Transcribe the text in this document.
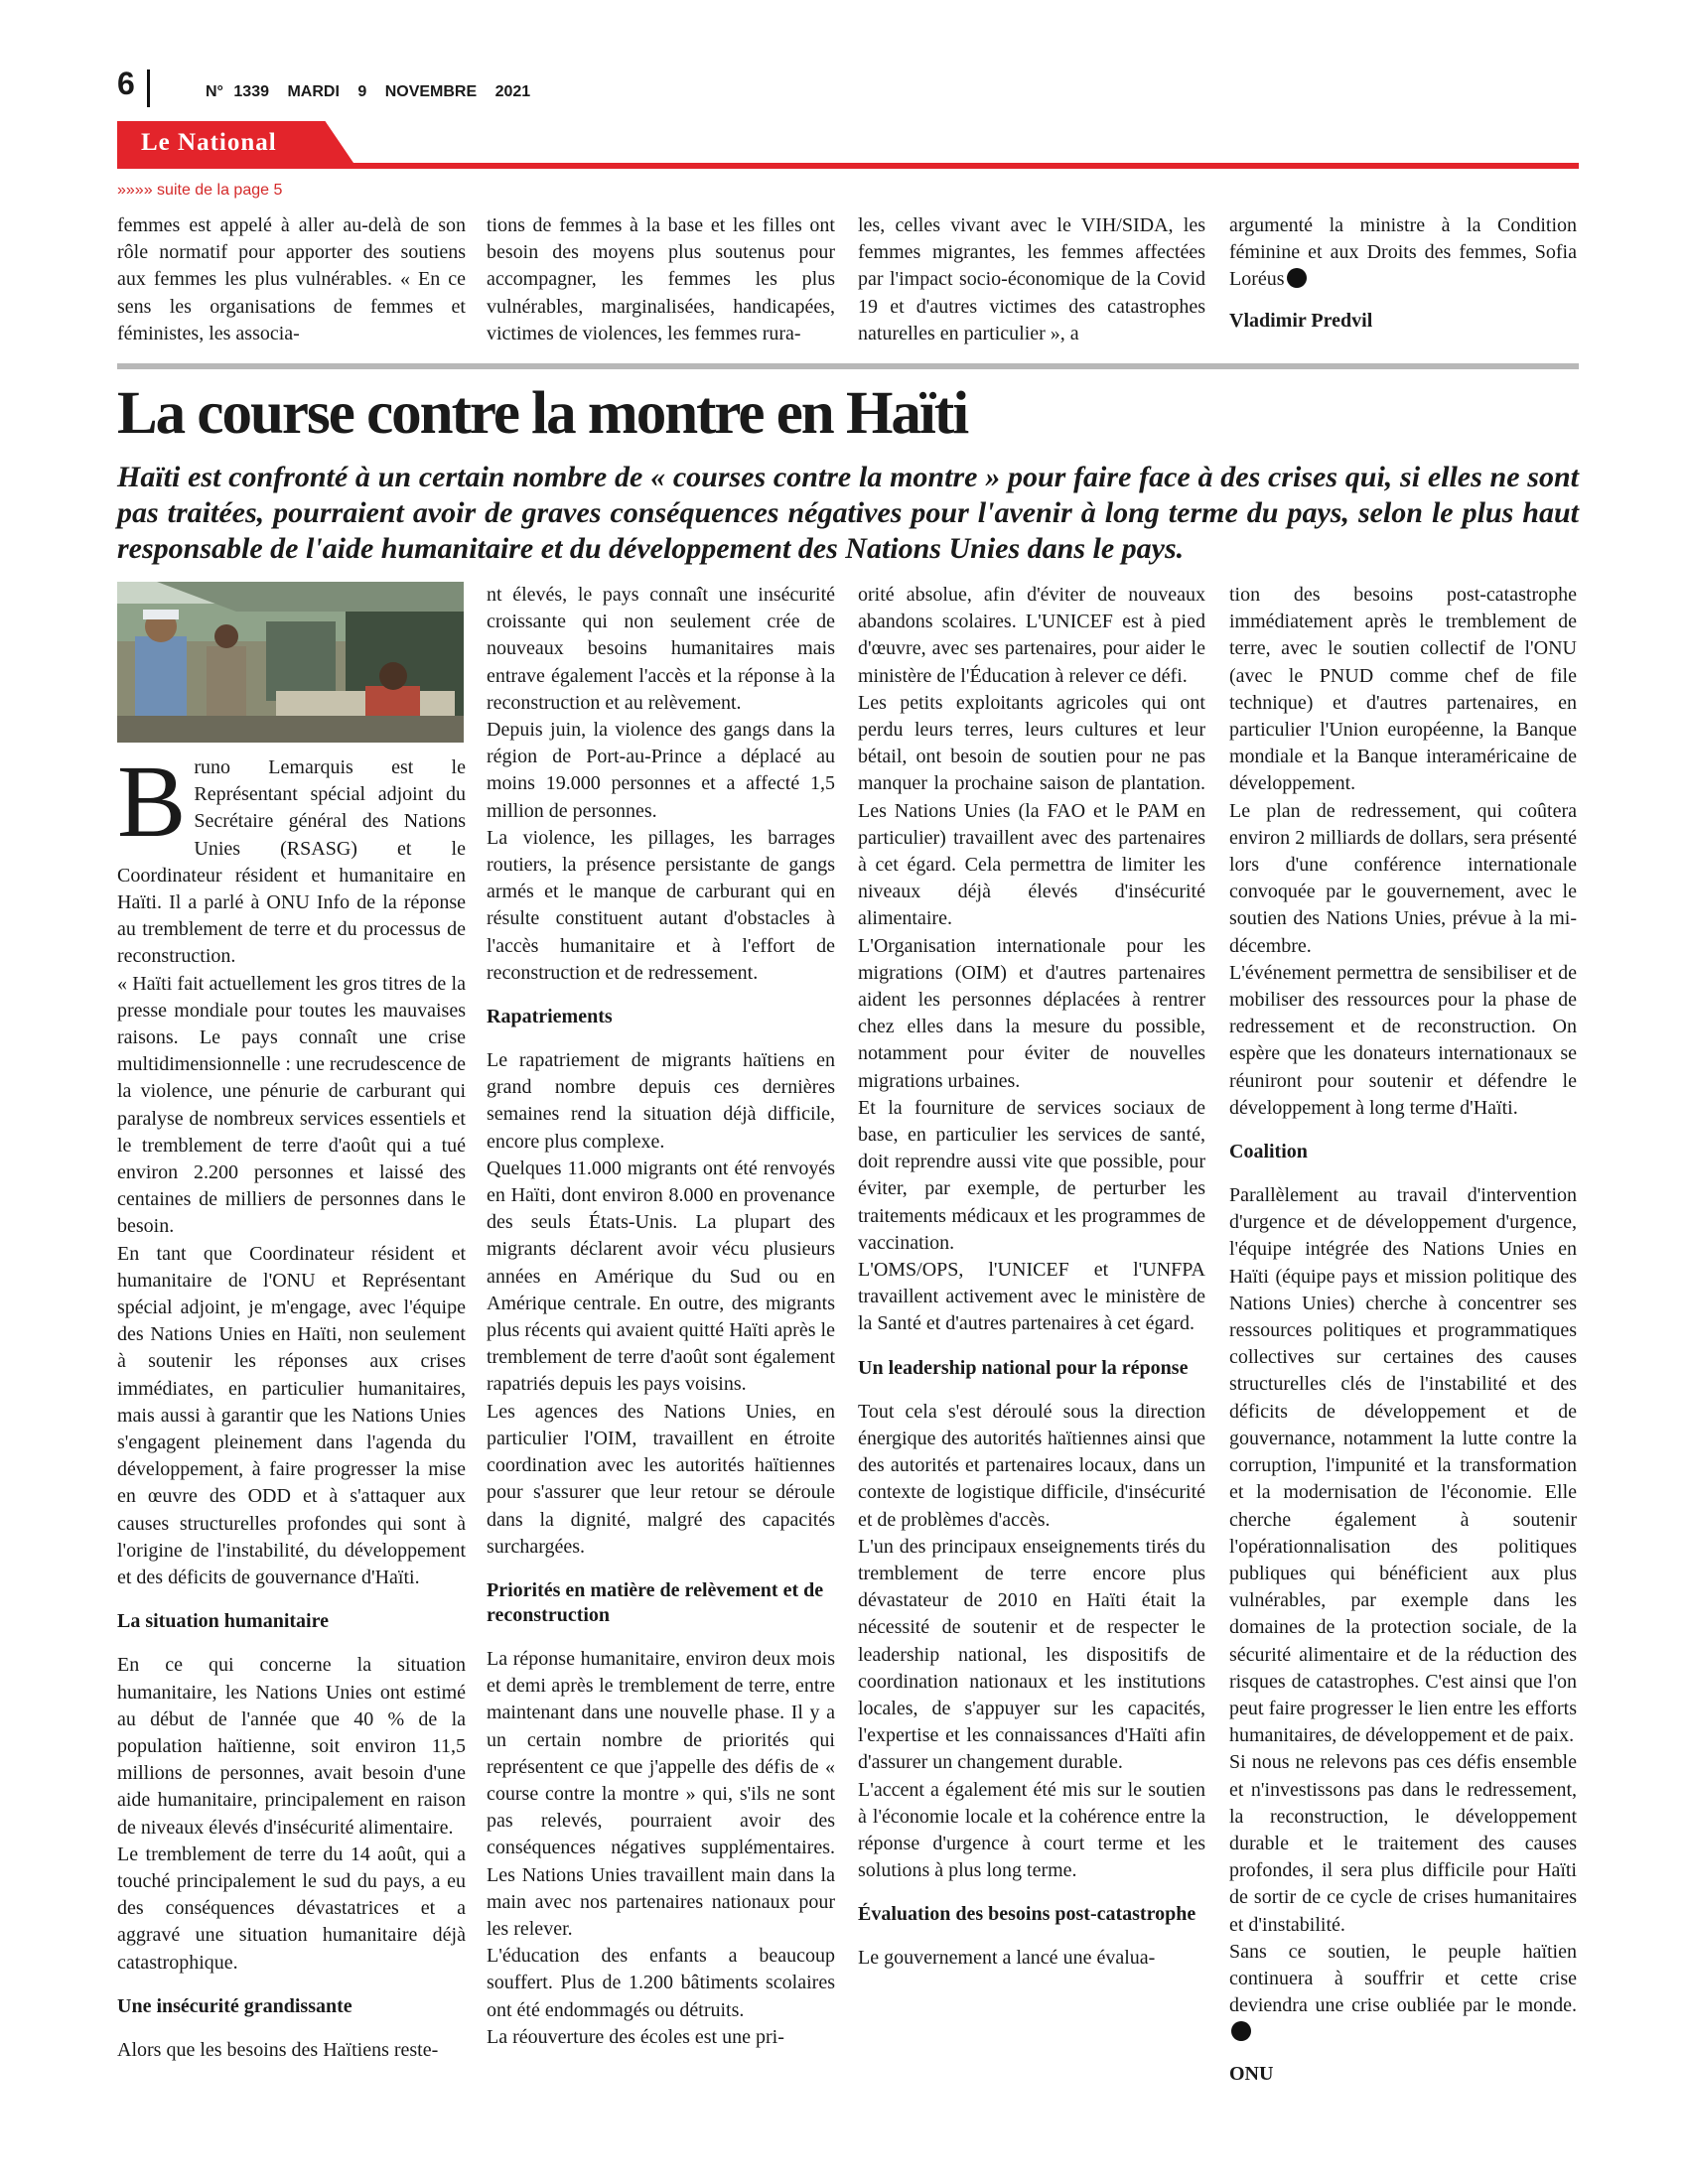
6	N° 1339 MARDI 9 NOVEMBRE 2021
Le National
»»»» suite de la page 5

femmes est appelé à aller au-delà de son rôle normatif pour apporter des soutiens aux femmes les plus vulnérables. « En ce sens les organisations de femmes et féministes, les associa-

tions de femmes à la base et les filles ont besoin des moyens plus soutenus pour accompagner, les femmes les plus vulnérables, marginalisées, handicapées, victimes de violences, les femmes rura-

les, celles vivant avec le VIH/SIDA, les femmes migrantes, les femmes affectées par l'impact socio-économique de la Covid 19 et d'autres victimes des catastrophes naturelles en particulier », a

argumenté la ministre à la Condition féminine et aux Droits des femmes, Sofia Loréus

Vladimir Predvil

La course contre la montre en Haïti
Haïti est confronté à un certain nombre de « courses contre la montre » pour faire face à des crises qui, si elles ne sont pas traitées, pourraient avoir de graves conséquences négatives pour l'avenir à long terme du pays, selon le plus haut responsable de l'aide humanitaire et du développement des Nations Unies dans le pays.

Bruno Lemarquis est le Représentant spécial adjoint du Secrétaire général des Nations Unies (RSASG) et le Coordinateur résident et humanitaire en Haïti. Il a parlé à ONU Info de la réponse au tremblement de terre et du processus de reconstruction.

« Haïti fait actuellement les gros titres de la presse mondiale pour toutes les mauvaises raisons. Le pays connaît une crise multidimensionnelle : une recrudescence de la violence, une pénurie de carburant qui paralyse de nombreux services essentiels et le tremblement de terre d'août qui a tué environ 2.200 personnes et laissé des centaines de milliers de personnes dans le besoin.

En tant que Coordinateur résident et humanitaire de l'ONU et Représentant spécial adjoint, je m'engage, avec l'équipe des Nations Unies en Haïti, non seulement à soutenir les réponses aux crises immédiates, en particulier humanitaires, mais aussi à garantir que les Nations Unies s'engagent pleinement dans l'agenda du développement, à faire progresser la mise en œuvre des ODD et à s'attaquer aux causes structurelles profondes qui sont à l'origine de l'instabilité, du développement et des déficits de gouvernance d'Haïti.

La situation humanitaire

En ce qui concerne la situation humanitaire, les Nations Unies ont estimé au début de l'année que 40 % de la population haïtienne, soit environ 11,5 millions de personnes, avait besoin d'une aide humanitaire, principalement en raison de niveaux élevés d'insécurité alimentaire.

Le tremblement de terre du 14 août, qui a touché principalement le sud du pays, a eu des conséquences dévastatrices et a aggravé une situation humanitaire déjà catastrophique.

Une insécurité grandissante

Alors que les besoins des Haïtiens reste-

nt élevés, le pays connaît une insécurité croissante qui non seulement crée de nouveaux besoins humanitaires mais entrave également l'accès et la réponse à la reconstruction et au relèvement.

Depuis juin, la violence des gangs dans la région de Port-au-Prince a déplacé au moins 19.000 personnes et a affecté 1,5 million de personnes.

La violence, les pillages, les barrages routiers, la présence persistante de gangs armés et le manque de carburant qui en résulte constituent autant d'obstacles à l'accès humanitaire et à l'effort de reconstruction et de redressement.

Rapatriements

Le rapatriement de migrants haïtiens en grand nombre depuis ces dernières semaines rend la situation déjà difficile, encore plus complexe.

Quelques 11.000 migrants ont été renvoyés en Haïti, dont environ 8.000 en provenance des seuls États-Unis. La plupart des migrants déclarent avoir vécu plusieurs années en Amérique du Sud ou en Amérique centrale. En outre, des migrants plus récents qui avaient quitté Haïti après le tremblement de terre d'août sont également rapatriés depuis les pays voisins.

Les agences des Nations Unies, en particulier l'OIM, travaillent en étroite coordination avec les autorités haïtiennes pour s'assurer que leur retour se déroule dans la dignité, malgré des capacités surchargées.

Priorités en matière de relèvement et de reconstruction

La réponse humanitaire, environ deux mois et demi après le tremblement de terre, entre maintenant dans une nouvelle phase. Il y a un certain nombre de priorités qui représentent ce que j'appelle des défis de « course contre la montre » qui, s'ils ne sont pas relevés, pourraient avoir des conséquences négatives supplémentaires. Les Nations Unies travaillent main dans la main avec nos partenaires nationaux pour les relever.

L'éducation des enfants a beaucoup souffert. Plus de 1.200 bâtiments scolaires ont été endommagés ou détruits.

La réouverture des écoles est une pri-

orité absolue, afin d'éviter de nouveaux abandons scolaires. L'UNICEF est à pied d'œuvre, avec ses partenaires, pour aider le ministère de l'Éducation à relever ce défi.

Les petits exploitants agricoles qui ont perdu leurs terres, leurs cultures et leur bétail, ont besoin de soutien pour ne pas manquer la prochaine saison de plantation. Les Nations Unies (la FAO et le PAM en particulier) travaillent avec des partenaires à cet égard. Cela permettra de limiter les niveaux déjà élevés d'insécurité alimentaire.

L'Organisation internationale pour les migrations (OIM) et d'autres partenaires aident les personnes déplacées à rentrer chez elles dans la mesure du possible, notamment pour éviter de nouvelles migrations urbaines.

Et la fourniture de services sociaux de base, en particulier les services de santé, doit reprendre aussi vite que possible, pour éviter, par exemple, de perturber les traitements médicaux et les programmes de vaccination.

L'OMS/OPS, l'UNICEF et l'UNFPA travaillent activement avec le ministère de la Santé et d'autres partenaires à cet égard.

Un leadership national pour la réponse

Tout cela s'est déroulé sous la direction énergique des autorités haïtiennes ainsi que des autorités et partenaires locaux, dans un contexte de logistique difficile, d'insécurité et de problèmes d'accès.

L'un des principaux enseignements tirés du tremblement de terre encore plus dévastateur de 2010 en Haïti était la nécessité de soutenir et de respecter le leadership national, les dispositifs de coordination nationaux et les institutions locales, de s'appuyer sur les capacités, l'expertise et les connaissances d'Haïti afin d'assurer un changement durable.

L'accent a également été mis sur le soutien à l'économie locale et la cohérence entre la réponse d'urgence à court terme et les solutions à plus long terme.

Évaluation des besoins post-catastrophe

Le gouvernement a lancé une évalua-

tion des besoins post-catastrophe immédiatement après le tremblement de terre, avec le soutien collectif de l'ONU (avec le PNUD comme chef de file technique) et d'autres partenaires, en particulier l'Union européenne, la Banque mondiale et la Banque interaméricaine de développement.

Le plan de redressement, qui coûtera environ 2 milliards de dollars, sera présenté lors d'une conférence internationale convoquée par le gouvernement, avec le soutien des Nations Unies, prévue à la mi-décembre.

L'événement permettra de sensibiliser et de mobiliser des ressources pour la phase de redressement et de reconstruction. On espère que les donateurs internationaux se réuniront pour soutenir et défendre le développement à long terme d'Haïti.

Coalition

Parallèlement au travail d'intervention d'urgence et de développement d'urgence, l'équipe intégrée des Nations Unies en Haïti (équipe pays et mission politique des Nations Unies) cherche à concentrer ses ressources politiques et programmatiques collectives sur certaines des causes structurelles clés de l'instabilité et des déficits de développement et de gouvernance, notamment la lutte contre la corruption, l'impunité et la transformation et la modernisation de l'économie. Elle cherche également à soutenir l'opérationnalisation des politiques publiques qui bénéficient aux plus vulnérables, par exemple dans les domaines de la protection sociale, de la sécurité alimentaire et de la réduction des risques de catastrophes. C'est ainsi que l'on peut faire progresser le lien entre les efforts humanitaires, de développement et de paix.

Si nous ne relevons pas ces défis ensemble et n'investissons pas dans le redressement, la reconstruction, le développement durable et le traitement des causes profondes, il sera plus difficile pour Haïti de sortir de ce cycle de crises humanitaires et d'instabilité.

Sans ce soutien, le peuple haïtien continuera à souffrir et cette crise deviendra une crise oubliée par le monde.

ONU
